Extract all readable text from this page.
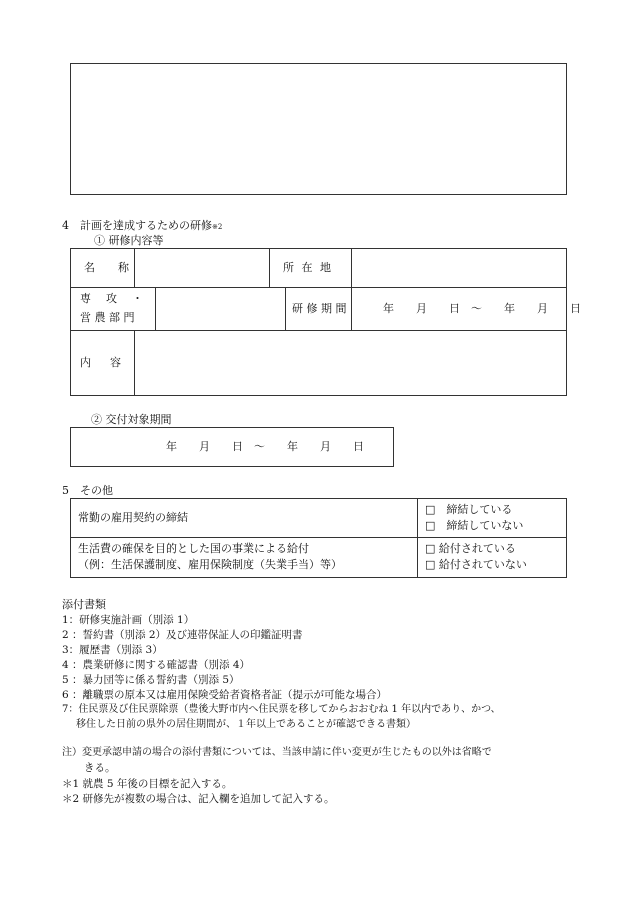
4　計画を達成するための研修※2
① 研修内容等
名　称	所 在 地
専　攻　・
営 農 部 門
研 修 期 間	年　　月　　日　〜　　年　　月　　日
内　容
② 交付対象期間
年　　月　　日　〜　　年　　月　　日
5　その他
常勤の雇用契約の締結
□　締結している
□　締結していない
生活費の確保を目的とした国の事業による給付
（例：生活保護制度、雇用保険制度（失業手当）等）
□ 給付されている
□ 給付されていない
添付書類
1：研修実施計画（別添 1）
2 ：誓約書（別添 2）及び連帯保証人の印鑑証明書
3：履歴書（別添 3）
4 ：農業研修に関する確認書（別添 4）
5 ：暴力団等に係る誓約書（別添 5）
6 ：離職票の原本又は雇用保険受給者資格者証（提示が可能な場合）
7：住民票及び住民票除票（豊後大野市内へ住民票を移してからおおむね 1 年以内であり、かつ、
移住した日前の県外の居住期間が、１年以上であることが確認できる書類）
注）変更承認申請の場合の添付書類については、当該申請に伴い変更が生じたもの以外は省略で
きる。
＊1 就農 5 年後の目標を記入する。
＊2 研修先が複数の場合は、記入欄を追加して記入する。
